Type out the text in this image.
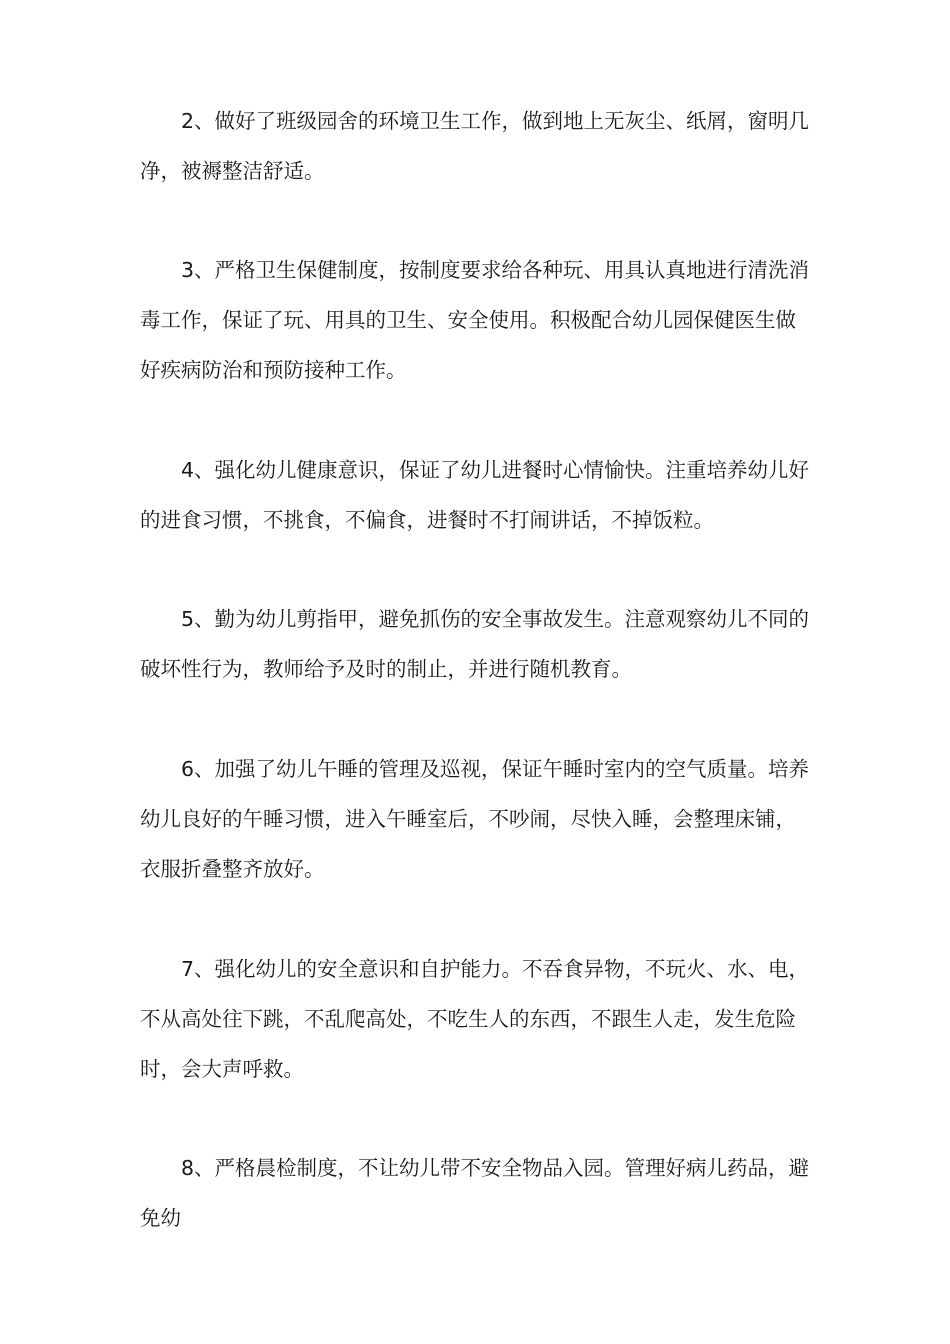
2、做好了班级园舍的环境卫生工作，做到地上无灰尘、纸屑，窗明几净，被褥整洁舒适。

3、严格卫生保健制度，按制度要求给各种玩、用具认真地进行清洗消毒工作，保证了玩、用具的卫生、安全使用。积极配合幼儿园保健医生做好疾病防治和预防接种工作。

4、强化幼儿健康意识，保证了幼儿进餐时心情愉快。注重培养幼儿好的进食习惯，不挑食，不偏食，进餐时不打闹讲话，不掉饭粒。

5、勤为幼儿剪指甲，避免抓伤的安全事故发生。注意观察幼儿不同的破坏性行为，教师给予及时的制止，并进行随机教育。

6、加强了幼儿午睡的管理及巡视，保证午睡时室内的空气质量。培养幼儿良好的午睡习惯，进入午睡室后，不吵闹，尽快入睡，会整理床铺，衣服折叠整齐放好。

7、强化幼儿的安全意识和自护能力。不吞食异物，不玩火、水、电，不从高处往下跳，不乱爬高处，不吃生人的东西，不跟生人走，发生危险时，会大声呼救。

8、严格晨检制度，不让幼儿带不安全物品入园。管理好病儿药品，避免幼
